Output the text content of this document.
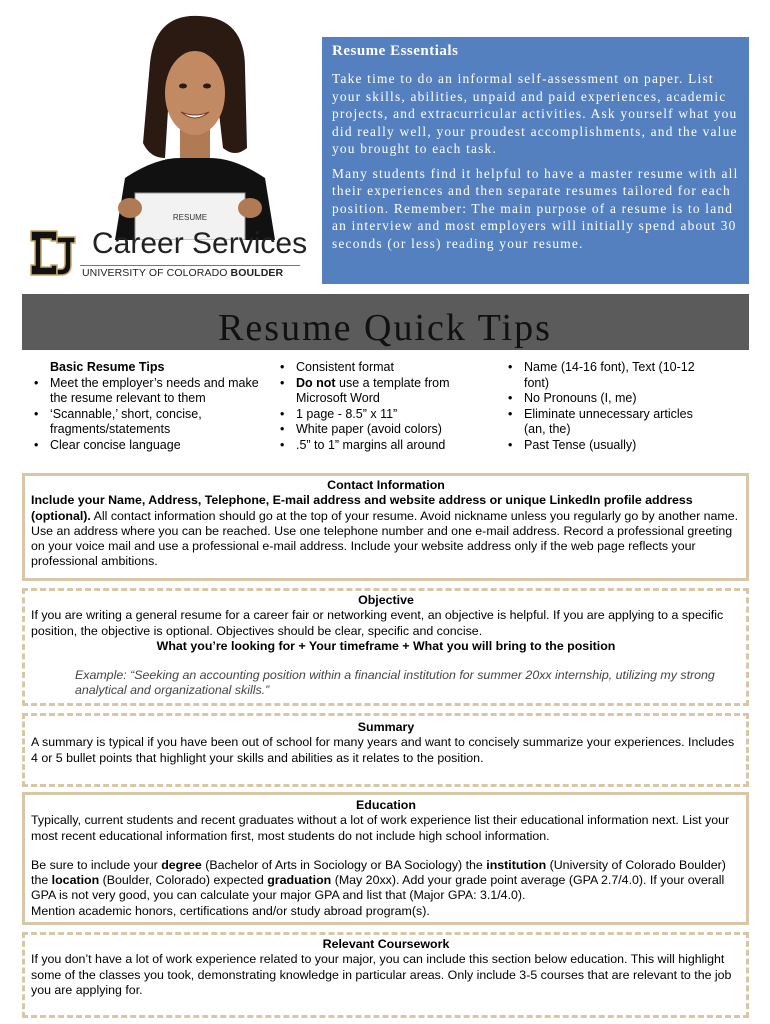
RESUME
Career Services
UNIVERSITY OF COLORADO BOULDER
Resume Essentials

Take time to do an informal self-assessment on paper. List your skills, abilities, unpaid and paid experiences, academic projects, and extracurricular activities. Ask yourself what you did really well, your proudest accomplishments, and the value you brought to each task.

Many students find it helpful to have a master resume with all their experiences and then separate resumes tailored for each position. Remember: The main purpose of a resume is to land an interview and most employers will initially spend about 30 seconds (or less) reading your resume.

Resume Quick Tips
Basic Resume Tips
• Meet the employer’s needs and make the resume relevant to them
• ‘Scannable,’ short, concise, fragments/statements
• Clear concise language
• Consistent format
• Do not use a template from Microsoft Word
• 1 page - 8.5” x 11”
• White paper (avoid colors)
• .5” to 1” margins all around
• Name (14-16 font), Text (10-12 font)
• No Pronouns (I, me)
• Eliminate unnecessary articles (an, the)
• Past Tense (usually)
Contact Information
Include your Name, Address, Telephone, E-mail address and website address or unique LinkedIn profile address (optional). All contact information should go at the top of your resume. Avoid nickname unless you regularly go by another name. Use an address where you can be reached. Use one telephone number and one e-mail address. Record a professional greeting on your voice mail and use a professional e-mail address. Include your website address only if the web page reflects your professional ambitions.
Objective
If you are writing a general resume for a career fair or networking event, an objective is helpful. If you are applying to a specific position, the objective is optional. Objectives should be clear, specific and concise.
What you’re looking for + Your timeframe + What you will bring to the position
Example: “Seeking an accounting position within a financial institution for summer 20xx internship, utilizing my strong analytical and organizational skills.”
Summary
A summary is typical if you have been out of school for many years and want to concisely summarize your experiences. Includes 4 or 5 bullet points that highlight your skills and abilities as it relates to the position.
Education
Typically, current students and recent graduates without a lot of work experience list their educational information next. List your most recent educational information first, most students do not include high school information.
Be sure to include your degree (Bachelor of Arts in Sociology or BA Sociology) the institution (University of Colorado Boulder) the location (Boulder, Colorado) expected graduation (May 20xx). Add your grade point average (GPA 2.7/4.0). If your overall GPA is not very good, you can calculate your major GPA and list that (Major GPA: 3.1/4.0).
Mention academic honors, certifications and/or study abroad program(s).
Relevant Coursework
If you don’t have a lot of work experience related to your major, you can include this section below education. This will highlight some of the classes you took, demonstrating knowledge in particular areas. Only include 3-5 courses that are relevant to the job you are applying for.
